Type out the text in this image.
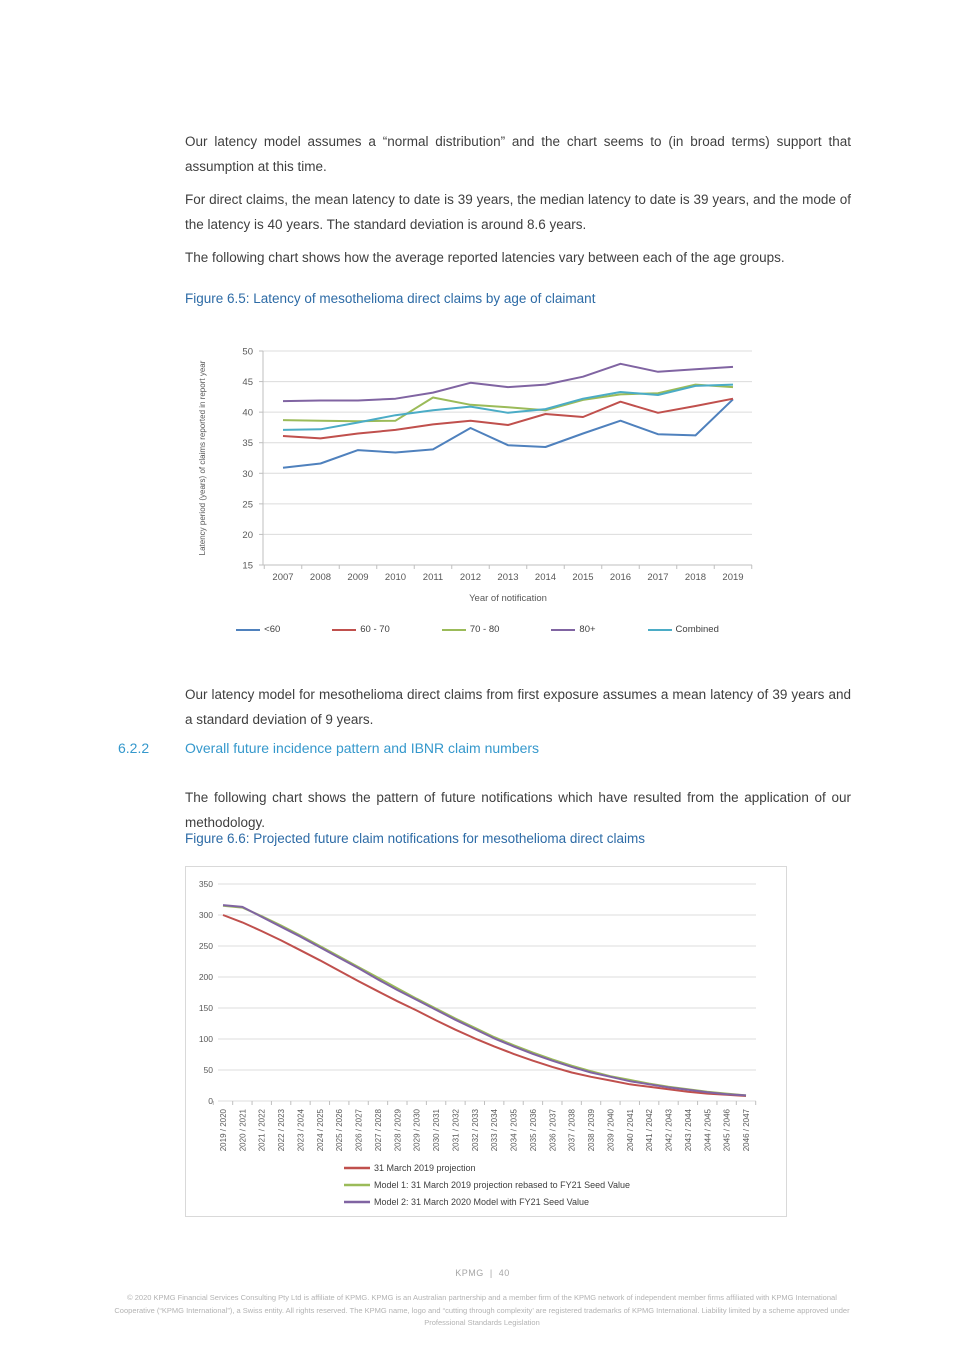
Our latency model assumes a “normal distribution” and the chart seems to (in broad terms) support that assumption at this time.

For direct claims, the mean latency to date is 39 years, the median latency to date is 39 years, and the mode of the latency is 40 years. The standard deviation is around 8.6 years.

The following chart shows how the average reported latencies vary between each of the age groups.

Figure 6.5: Latency of mesothelioma direct claims by age of claimant
15
20
25
30
35
40
45
50
2007 2008 2009 2010 2011 2012 2013 2014 2015 2016 2017 2018 2019
Latency period (years) of claims reported in report year
Year of notification
<60	60 - 70	70 - 80	80+	Combined

Our latency model for mesothelioma direct claims from first exposure assumes a mean latency of 39 years and a standard deviation of 9 years.

6.2.2	Overall future incidence pattern and IBNR claim numbers

The following chart shows the pattern of future notifications which have resulted from the application of our methodology.

Figure 6.6: Projected future claim notifications for mesothelioma direct claims
0
50
100
150
200
250
300
350
2019 / 2020 2020 / 2021 2021 / 2022 2022 / 2023 2023 / 2024 2024 / 2025 2025 / 2026 2026 / 2027 2027 / 2028 2028 / 2029 2029 / 2030 2030 / 2031 2031 / 2032 2032 / 2033 2033 / 2034 2034 / 2035 2035 / 2036 2036 / 2037 2037 / 2038 2038 / 2039 2039 / 2040 2040 / 2041 2041 / 2042 2042 / 2043 2043 / 2044 2044 / 2045 2045 / 2046 2046 / 2047
31 March 2019 projection
Model 1: 31 March 2019 projection rebased to FY21 Seed Value
Model 2: 31 March 2020 Model with FY21 Seed Value
KPMG | 40
© 2020 KPMG Financial Services Consulting Pty Ltd is affiliate of KPMG. KPMG is an Australian partnership and a member firm of the KPMG network of independent member firms affiliated with KPMG International Cooperative (“KPMG International”), a Swiss entity. All rights reserved. The KPMG name, logo and “cutting through complexity’ are registered trademarks of KPMG International. Liability limited by a scheme approved under Professional Standards Legislation
